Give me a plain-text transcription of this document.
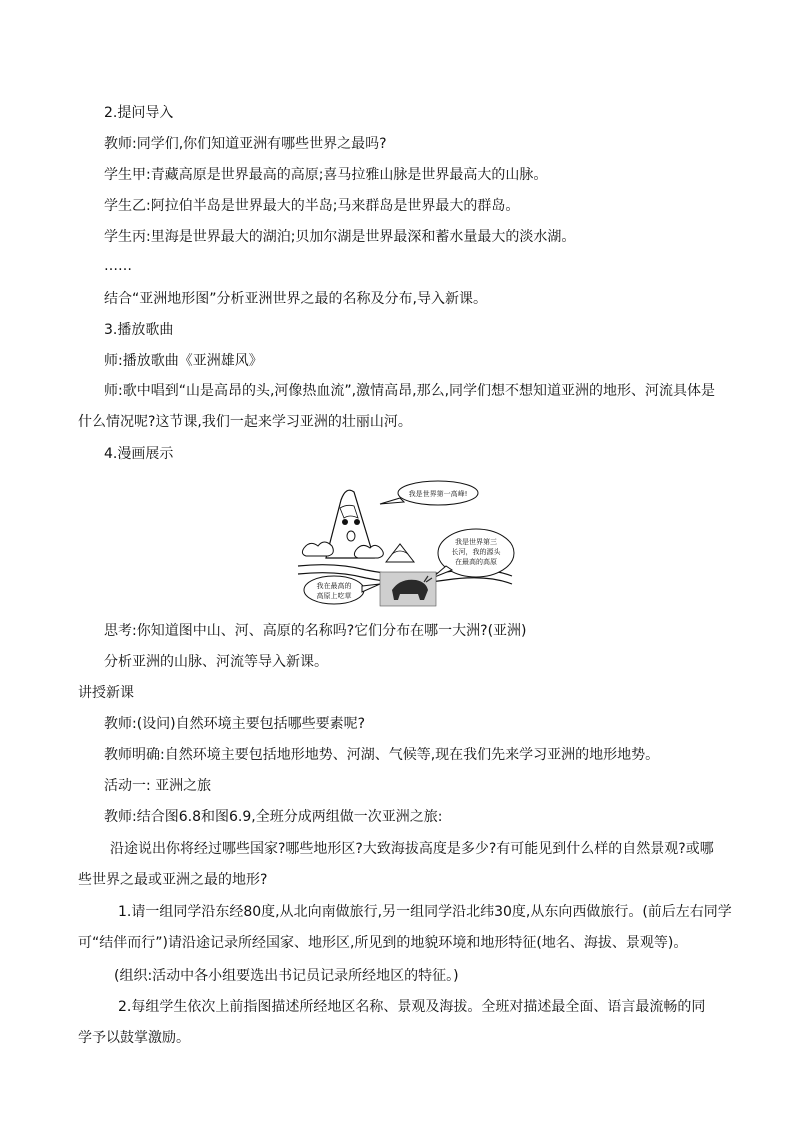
2.提问导入
教师:同学们,你们知道亚洲有哪些世界之最吗?
学生甲:青藏高原是世界最高的高原;喜马拉雅山脉是世界最高大的山脉。
学生乙:阿拉伯半岛是世界最大的半岛;马来群岛是世界最大的群岛。
学生丙:里海是世界最大的湖泊;贝加尔湖是世界最深和蓄水量最大的淡水湖。
……
结合“亚洲地形图”分析亚洲世界之最的名称及分布,导入新课。
3.播放歌曲
师:播放歌曲《亚洲雄风》
师:歌中唱到“山是高昂的头,河像热血流”,激情高昂,那么,同学们想不想知道亚洲的地形、河流具体是什么情况呢?这节课,我们一起来学习亚洲的壮丽山河。
4.漫画展示
我是世界第一高峰!
我是世界第三
长河，我的源头
在最高的高原
我在最高的
高原上吃草
思考:你知道图中山、河、高原的名称吗?它们分布在哪一大洲?(亚洲)
分析亚洲的山脉、河流等导入新课。
讲授新课
教师:(设问)自然环境主要包括哪些要素呢?
教师明确:自然环境主要包括地形地势、河湖、气候等,现在我们先来学习亚洲的地形地势。
活动一: 亚洲之旅
教师:结合图6.8和图6.9,全班分成两组做一次亚洲之旅:
沿途说出你将经过哪些国家?哪些地形区?大致海拔高度是多少?有可能见到什么样的自然景观?或哪些世界之最或亚洲之最的地形?
1.请一组同学沿东经80度,从北向南做旅行,另一组同学沿北纬30度,从东向西做旅行。(前后左右同学可“结伴而行”)请沿途记录所经国家、地形区,所见到的地貌环境和地形特征(地名、海拔、景观等)。
(组织:活动中各小组要选出书记员记录所经地区的特征。)
2.每组学生依次上前指图描述所经地区名称、景观及海拔。全班对描述最全面、语言最流畅的同学予以鼓掌激励。
